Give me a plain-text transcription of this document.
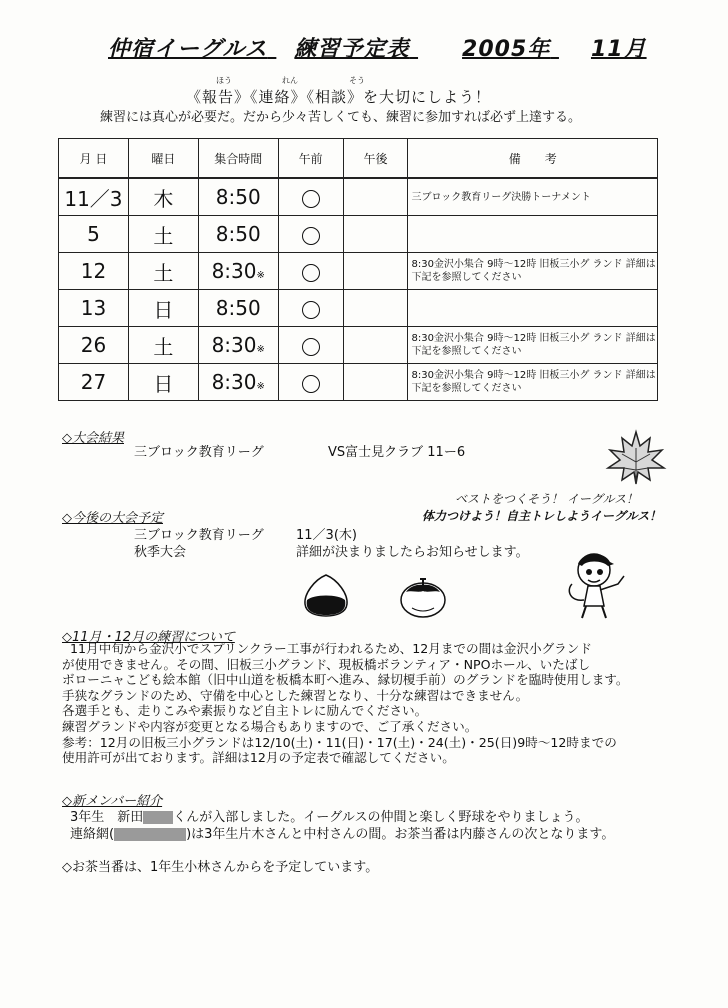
仲宿イーグルス 練習予定表 2005年 11月
ほう	れん	そう
《報告》《連絡》《相談》を大切にしよう！
練習には真心が必要だ。だから少々苦しくても、練習に参加すれば必ず上達する。
月 日	曜日	集合時間	午前	午後	備　　考
11／3	木	8:50			三ブロック教育リーグ決勝トーナメント
5	土	8:50			
12	土	8:30※			8:30金沢小集合 9時～12時 旧板三小グ ランド 詳細は下記を参照してください
13	日	8:50			
26	土	8:30※			8:30金沢小集合 9時～12時 旧板三小グ ランド 詳細は下記を参照してください
27	日	8:30※			8:30金沢小集合 9時～12時 旧板三小グ ランド 詳細は下記を参照してください
◇大会結果
三ブロック教育リーグ	VS富士見クラブ 11ー6
ベストをつくそう！ イーグルス！
体力つけよう！自主トレしようイーグルス！
◇今後の大会予定
三ブロック教育リーグ 11／3(木)
秋季大会	詳細が決まりましたらお知らせします。
◇11月・12月の練習について

11月中旬から金沢小でスプリンクラー工事が行われるため、12月までの間は金沢小グランド

が使用できません。その間、旧板三小グランド、現板橋ボランティア・NPOホール、いたばし

ボローニャこども絵本館（旧中山道を板橋本町へ進み、縁切榎手前）のグランドを臨時使用します。

手狭なグランドのため、守備を中心とした練習となり、十分な練習はできません。

各選手とも、走りこみや素振りなど自主トレに励んでください。

練習グランドや内容が変更となる場合もありますので、ご了承ください。

参考：12月の旧板三小グランドは12/10(土)・11(日)・17(土)・24(土)・25(日)9時～12時までの

使用許可が出ております。詳細は12月の予定表で確認してください。

◇新メンバー紹介
3年生　新田 くんが入部しました。イーグルスの仲間と楽しく野球をやりましょう。
連絡網(	)は3年生片木さんと中村さんの間。お茶当番は内藤さんの次となります。
◇お茶当番は、1年生小林さんからを予定しています。
